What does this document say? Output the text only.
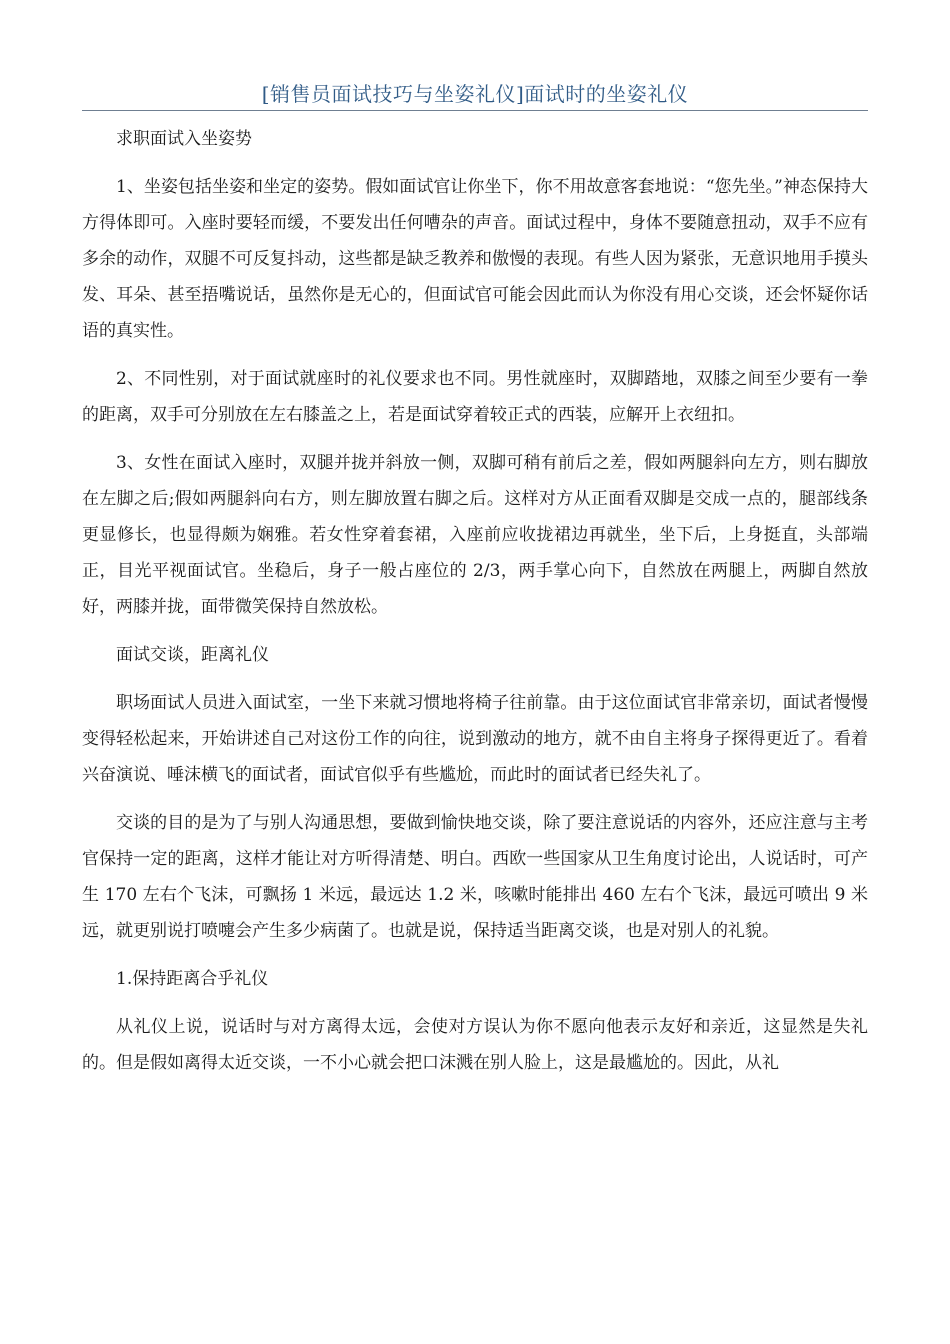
[销售员面试技巧与坐姿礼仪]面试时的坐姿礼仪

求职面试入坐姿势

1、坐姿包括坐姿和坐定的姿势。假如面试官让你坐下，你不用故意客套地说：“您先坐。”神态保持大方得体即可。入座时要轻而缓，不要发出任何嘈杂的声音。面试过程中，身体不要随意扭动，双手不应有多余的动作，双腿不可反复抖动，这些都是缺乏教养和傲慢的表现。有些人因为紧张，无意识地用手摸头发、耳朵、甚至捂嘴说话，虽然你是无心的，但面试官可能会因此而认为你没有用心交谈，还会怀疑你话语的真实性。

2、不同性别，对于面试就座时的礼仪要求也不同。男性就座时，双脚踏地，双膝之间至少要有一拳的距离，双手可分别放在左右膝盖之上，若是面试穿着较正式的西装，应解开上衣纽扣。

3、女性在面试入座时，双腿并拢并斜放一侧，双脚可稍有前后之差，假如两腿斜向左方，则右脚放在左脚之后;假如两腿斜向右方，则左脚放置右脚之后。这样对方从正面看双脚是交成一点的，腿部线条更显修长，也显得颇为娴雅。若女性穿着套裙，入座前应收拢裙边再就坐，坐下后，上身挺直，头部端正，目光平视面试官。坐稳后，身子一般占座位的 2/3，两手掌心向下，自然放在两腿上，两脚自然放好，两膝并拢，面带微笑保持自然放松。

面试交谈，距离礼仪

职场面试人员进入面试室，一坐下来就习惯地将椅子往前靠。由于这位面试官非常亲切，面试者慢慢变得轻松起来，开始讲述自己对这份工作的向往，说到激动的地方，就不由自主将身子探得更近了。看着兴奋演说、唾沫横飞的面试者，面试官似乎有些尴尬，而此时的面试者已经失礼了。

交谈的目的是为了与别人沟通思想，要做到愉快地交谈，除了要注意说话的内容外，还应注意与主考官保持一定的距离，这样才能让对方听得清楚、明白。西欧一些国家从卫生角度讨论出，人说话时，可产生 170 左右个飞沫，可飘扬 1 米远，最远达 1.2 米，咳嗽时能排出 460 左右个飞沫，最远可喷出 9 米远，就更别说打喷嚏会产生多少病菌了。也就是说，保持适当距离交谈，也是对别人的礼貌。

1.保持距离合乎礼仪

从礼仪上说，说话时与对方离得太远，会使对方误认为你不愿向他表示友好和亲近，这显然是失礼的。但是假如离得太近交谈，一不小心就会把口沫溅在别人脸上，这是最尴尬的。因此，从礼
